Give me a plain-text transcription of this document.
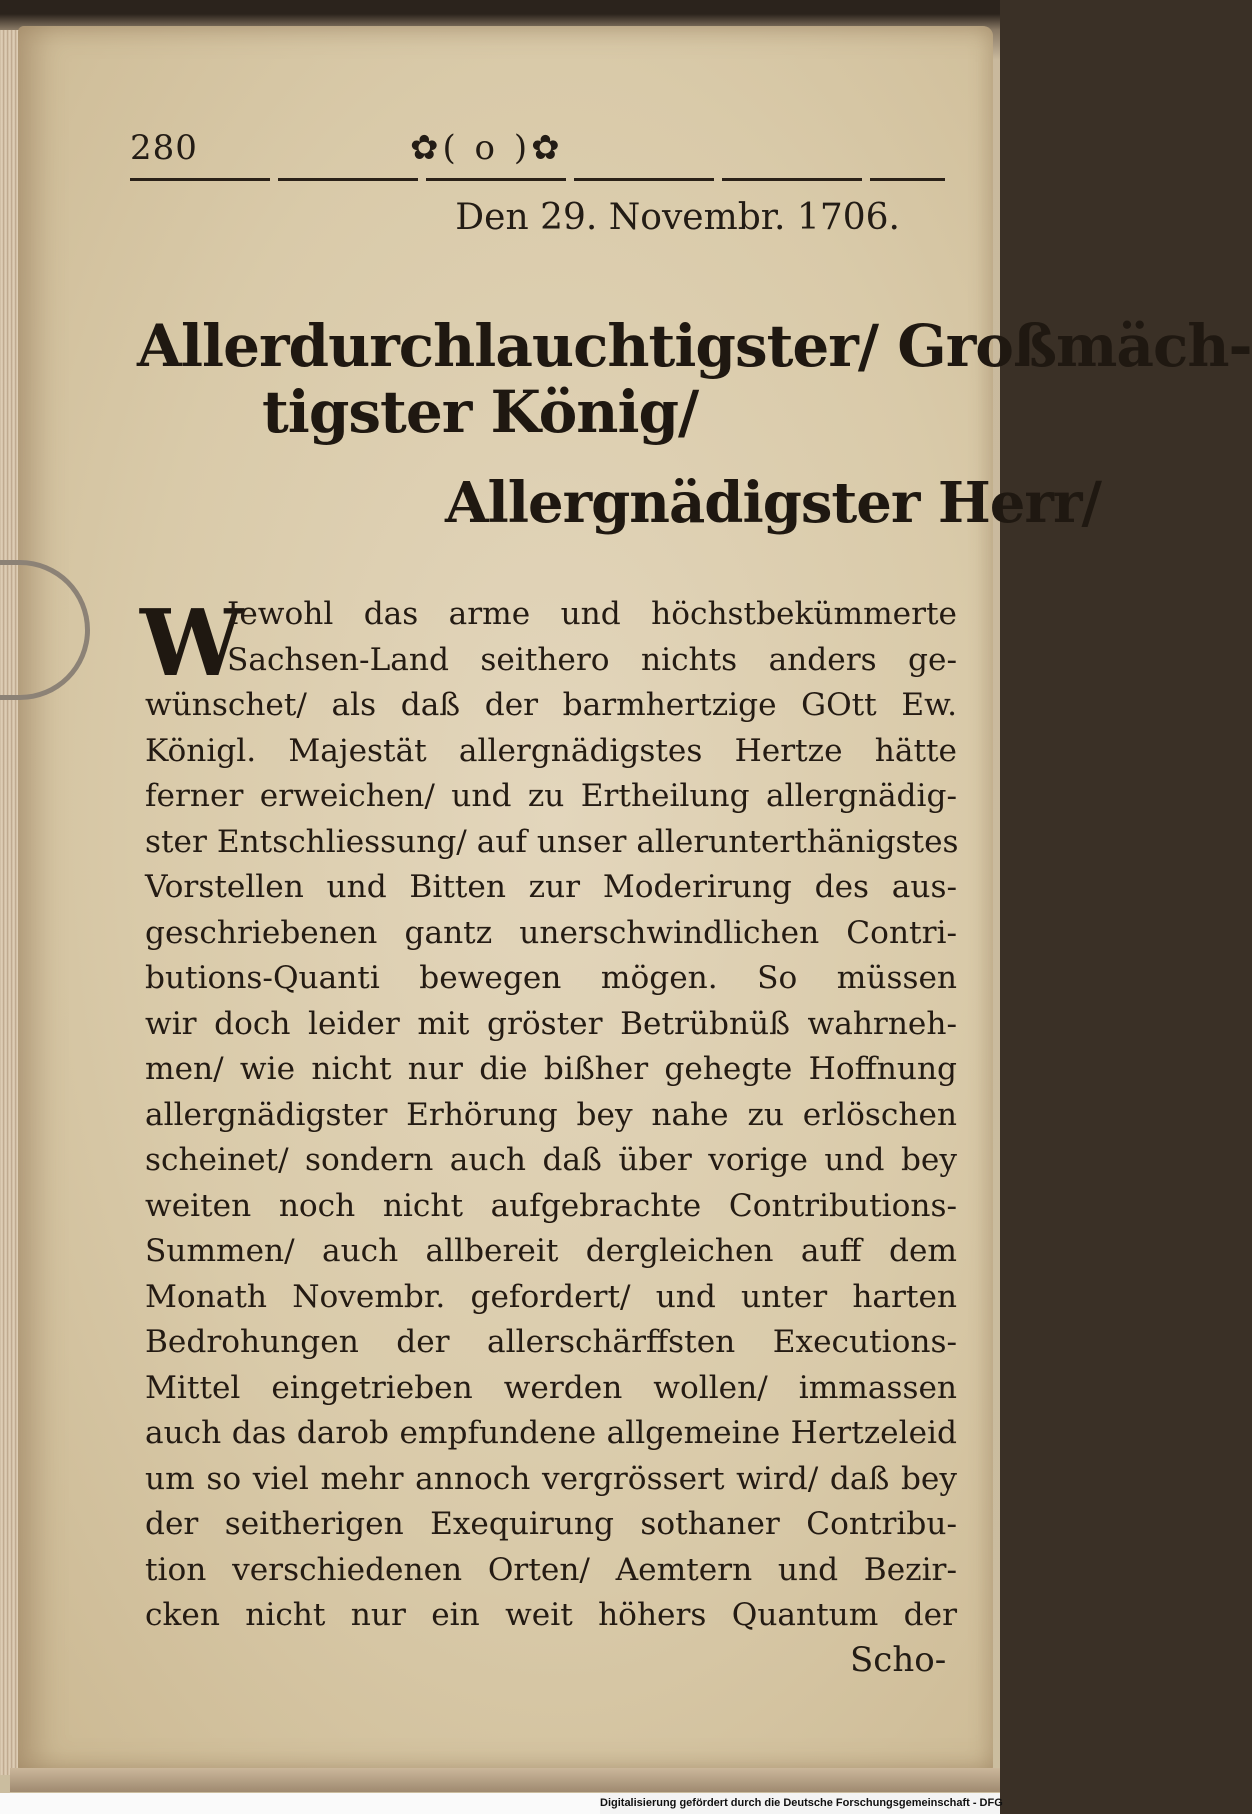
280	✿( o )✿
Den 29. Novembr. 1706.
Allerdurchlauchtigster/ Großmäch-
tigster König/
Allergnädigster Herr/
W
Iewohl das arme und höchstbekümmerte
Sachsen-Land seithero nichts anders ge-
wünschet/ als daß der barmhertzige GOtt Ew.
Königl. Majestät allergnädigstes Hertze hätte
ferner erweichen/ und zu Ertheilung allergnädig-
ster Entschliessung/ auf unser allerunterthänigstes
Vorstellen und Bitten zur Moderirung des aus-
geschriebenen gantz unerschwindlichen Contri-
butions-Quanti bewegen mögen. So müssen
wir doch leider mit gröster Betrübnüß wahrneh-
men/ wie nicht nur die bißher gehegte Hoffnung
allergnädigster Erhörung bey nahe zu erlöschen
scheinet/ sondern auch daß über vorige und bey
weiten noch nicht aufgebrachte Contributions-
Summen/ auch allbereit dergleichen auff dem
Monath Novembr. gefordert/ und unter harten
Bedrohungen der allerschärffsten Executions-
Mittel eingetrieben werden wollen/ immassen
auch das darob empfundene allgemeine Hertzeleid
um so viel mehr annoch vergrössert wird/ daß bey
der seitherigen Exequirung sothaner Contribu-
tion verschiedenen Orten/ Aemtern und Bezir-
cken nicht nur ein weit höhers Quantum der
Scho-
Digitalisierung gefördert durch die Deutsche Forschungsgemeinschaft - DFG
